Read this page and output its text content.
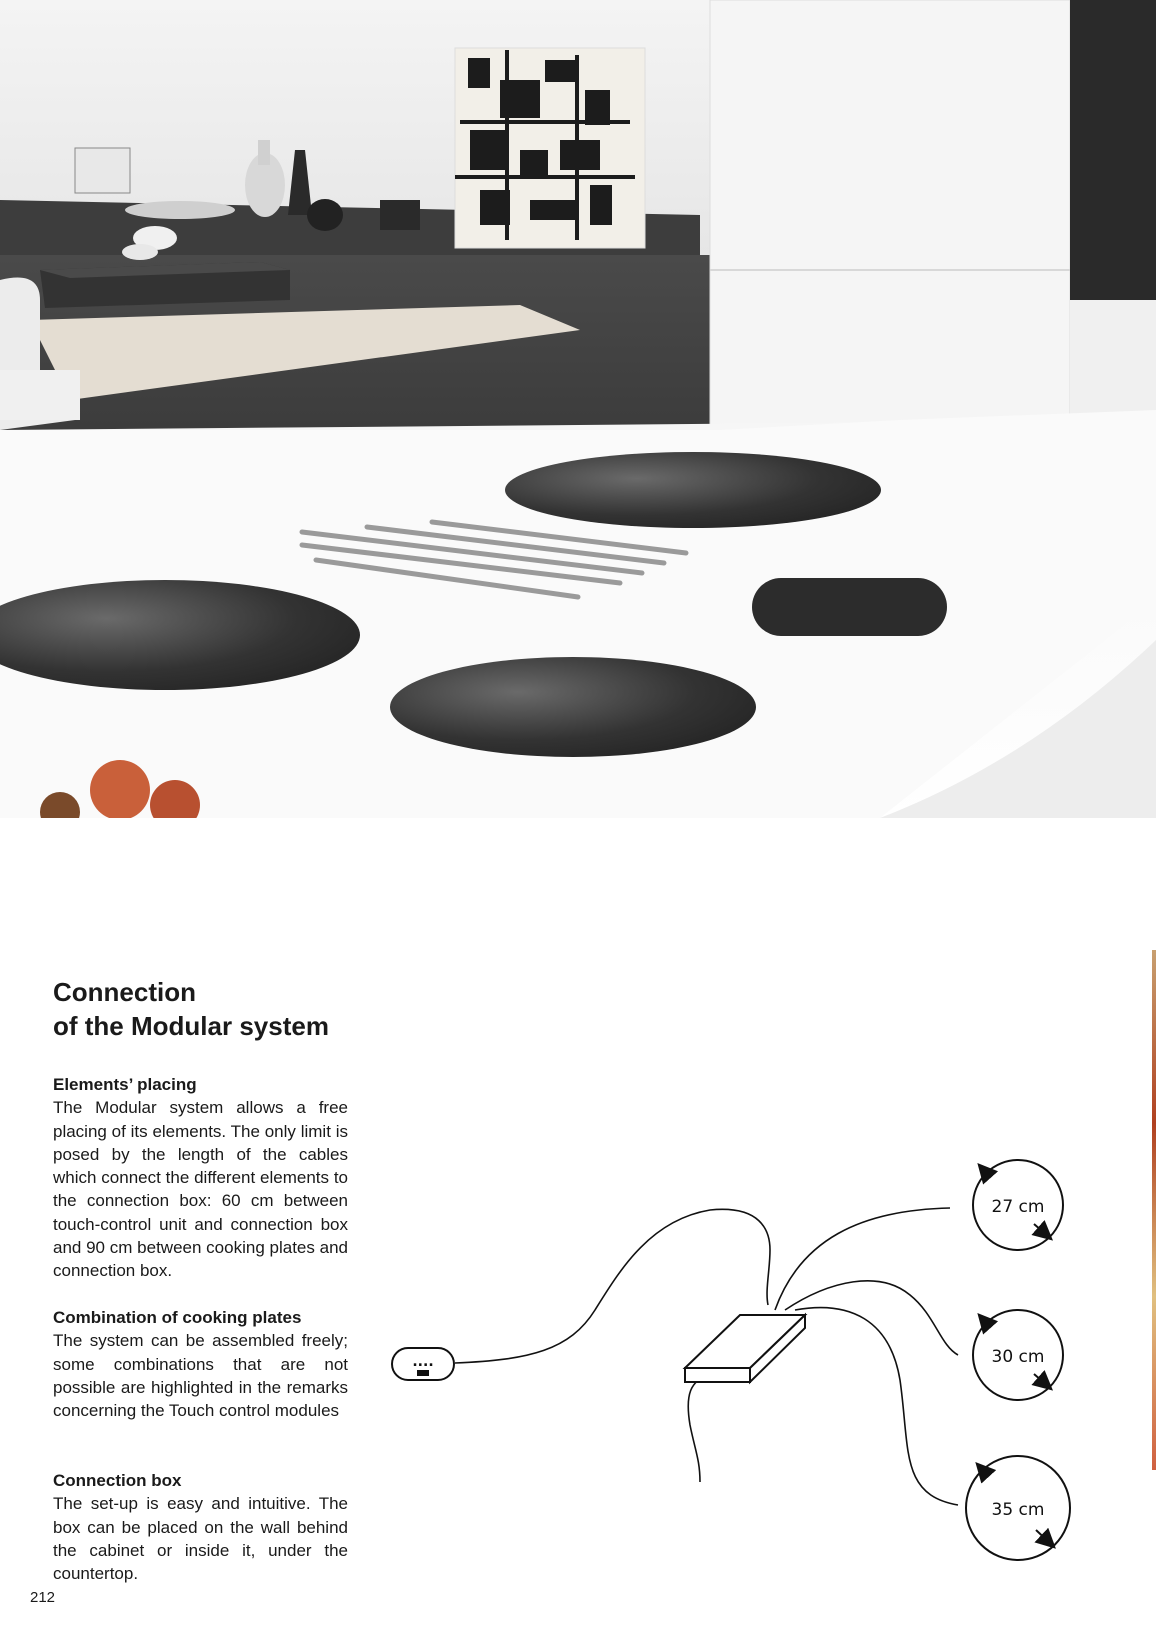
Connection
of the Modular system
Elements’ placing
The Modular system allows a free placing of its elements. The only limit is posed by the length of the cables which connect the different elements to the connection box: 60 cm between touch-control unit and connection box and 90 cm between cooking plates and connection box.
Combination of cooking plates
The system can be assembled freely; some combinations that are not possible are highlighted in the remarks concerning the Touch control modules
Connection box
The set-up is easy and intuitive. The box can be placed on the wall behind the cabinet or inside it, under the countertop.
212
....
27 cm
30 cm
35 cm
